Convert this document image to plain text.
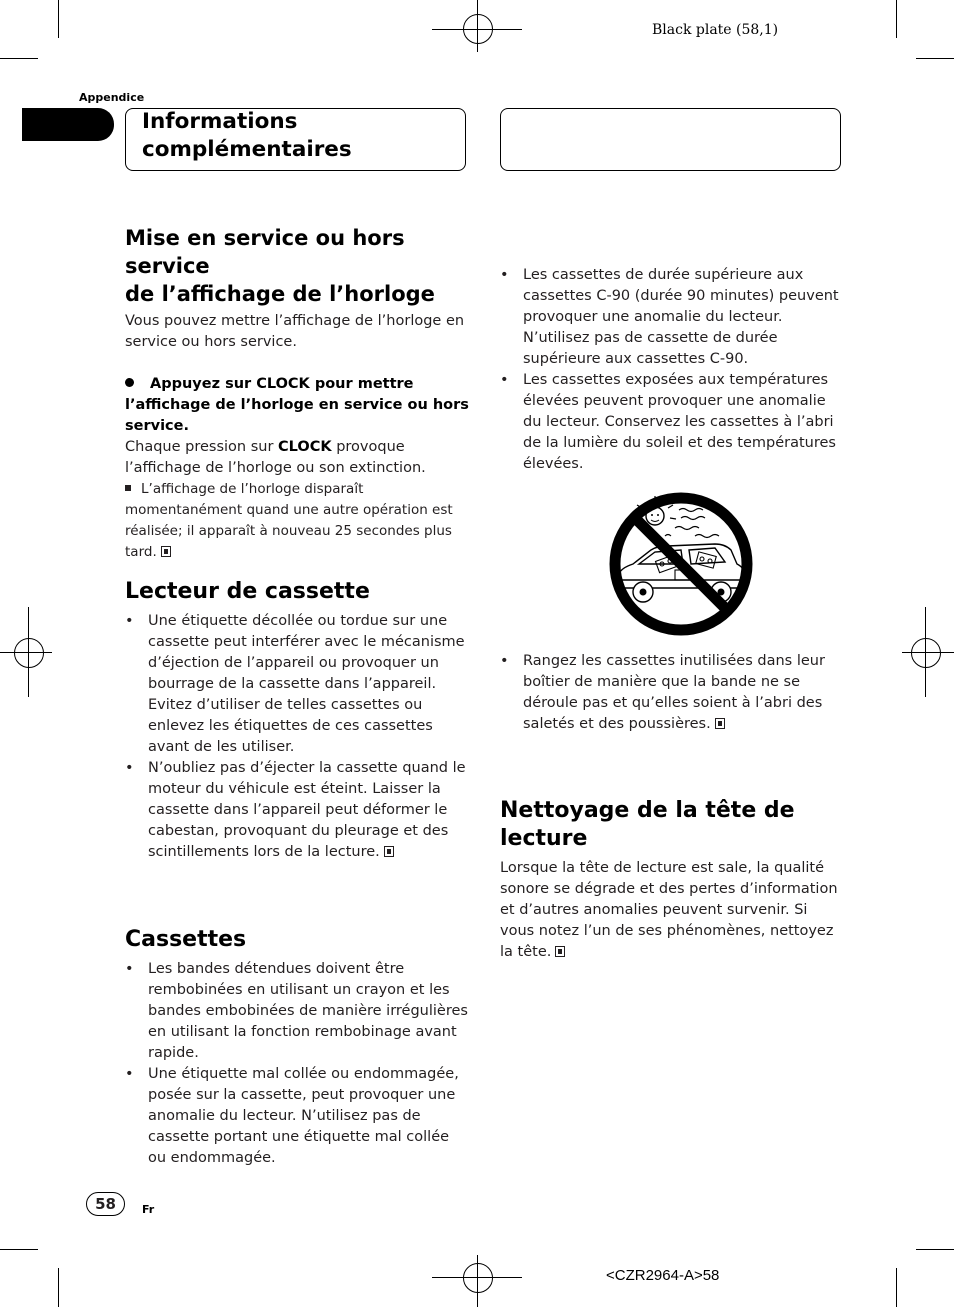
Black plate (58,1)
Appendice
Informations
complémentaires
Mise en service ou hors service
de l’affichage de l’horloge

Vous pouvez mettre l’affichage de l’horloge en service ou hors service.

Appuyez sur CLOCK pour mettre l’affichage de l’horloge en service ou hors service.

Chaque pression sur CLOCK provoque l’affichage de l’horloge ou son extinction.

L’affichage de l’horloge disparaît momentanément quand une autre opération est réalisée; il apparaît à nouveau 25 secondes plus tard.

Lecteur de cassette
• Une étiquette décollée ou tordue sur une cassette peut interférer avec le mécanisme d’éjection de l’appareil ou provoquer un bourrage de la cassette dans l’appareil. Evitez d’utiliser de telles cassettes ou enlevez les étiquettes de ces cassettes avant de les utiliser.
• N’oubliez pas d’éjecter la cassette quand le moteur du véhicule est éteint. Laisser la cassette dans l’appareil peut déformer le cabestan, provoquant du pleurage et des scintillements lors de la lecture.
Cassettes
• Les bandes détendues doivent être rembobinées en utilisant un crayon et les bandes embobinées de manière irrégulières en utilisant la fonction rembobinage avant rapide.
• Une étiquette mal collée ou endommagée, posée sur la cassette, peut provoquer une anomalie du lecteur. N’utilisez pas de cassette portant une étiquette mal collée ou endommagée.
• Les cassettes de durée supérieure aux cassettes C-90 (durée 90 minutes) peuvent provoquer une anomalie du lecteur. N’utilisez pas de cassette de durée supérieure aux cassettes C-90.
• Les cassettes exposées aux températures élevées peuvent provoquer une anomalie du lecteur. Conservez les cassettes à l’abri de la lumière du soleil et des températures élevées.
• Rangez les cassettes inutilisées dans leur boîtier de manière que la bande ne se déroule pas et qu’elles soient à l’abri des saletés et des poussières.
Nettoyage de la tête de lecture

Lorsque la tête de lecture est sale, la qualité sonore se dégrade et des pertes d’information et d’autres anomalies peuvent survenir. Si vous notez l’un de ses phénomènes, nettoyez la tête.

58	Fr
<CZR2964-A>58
